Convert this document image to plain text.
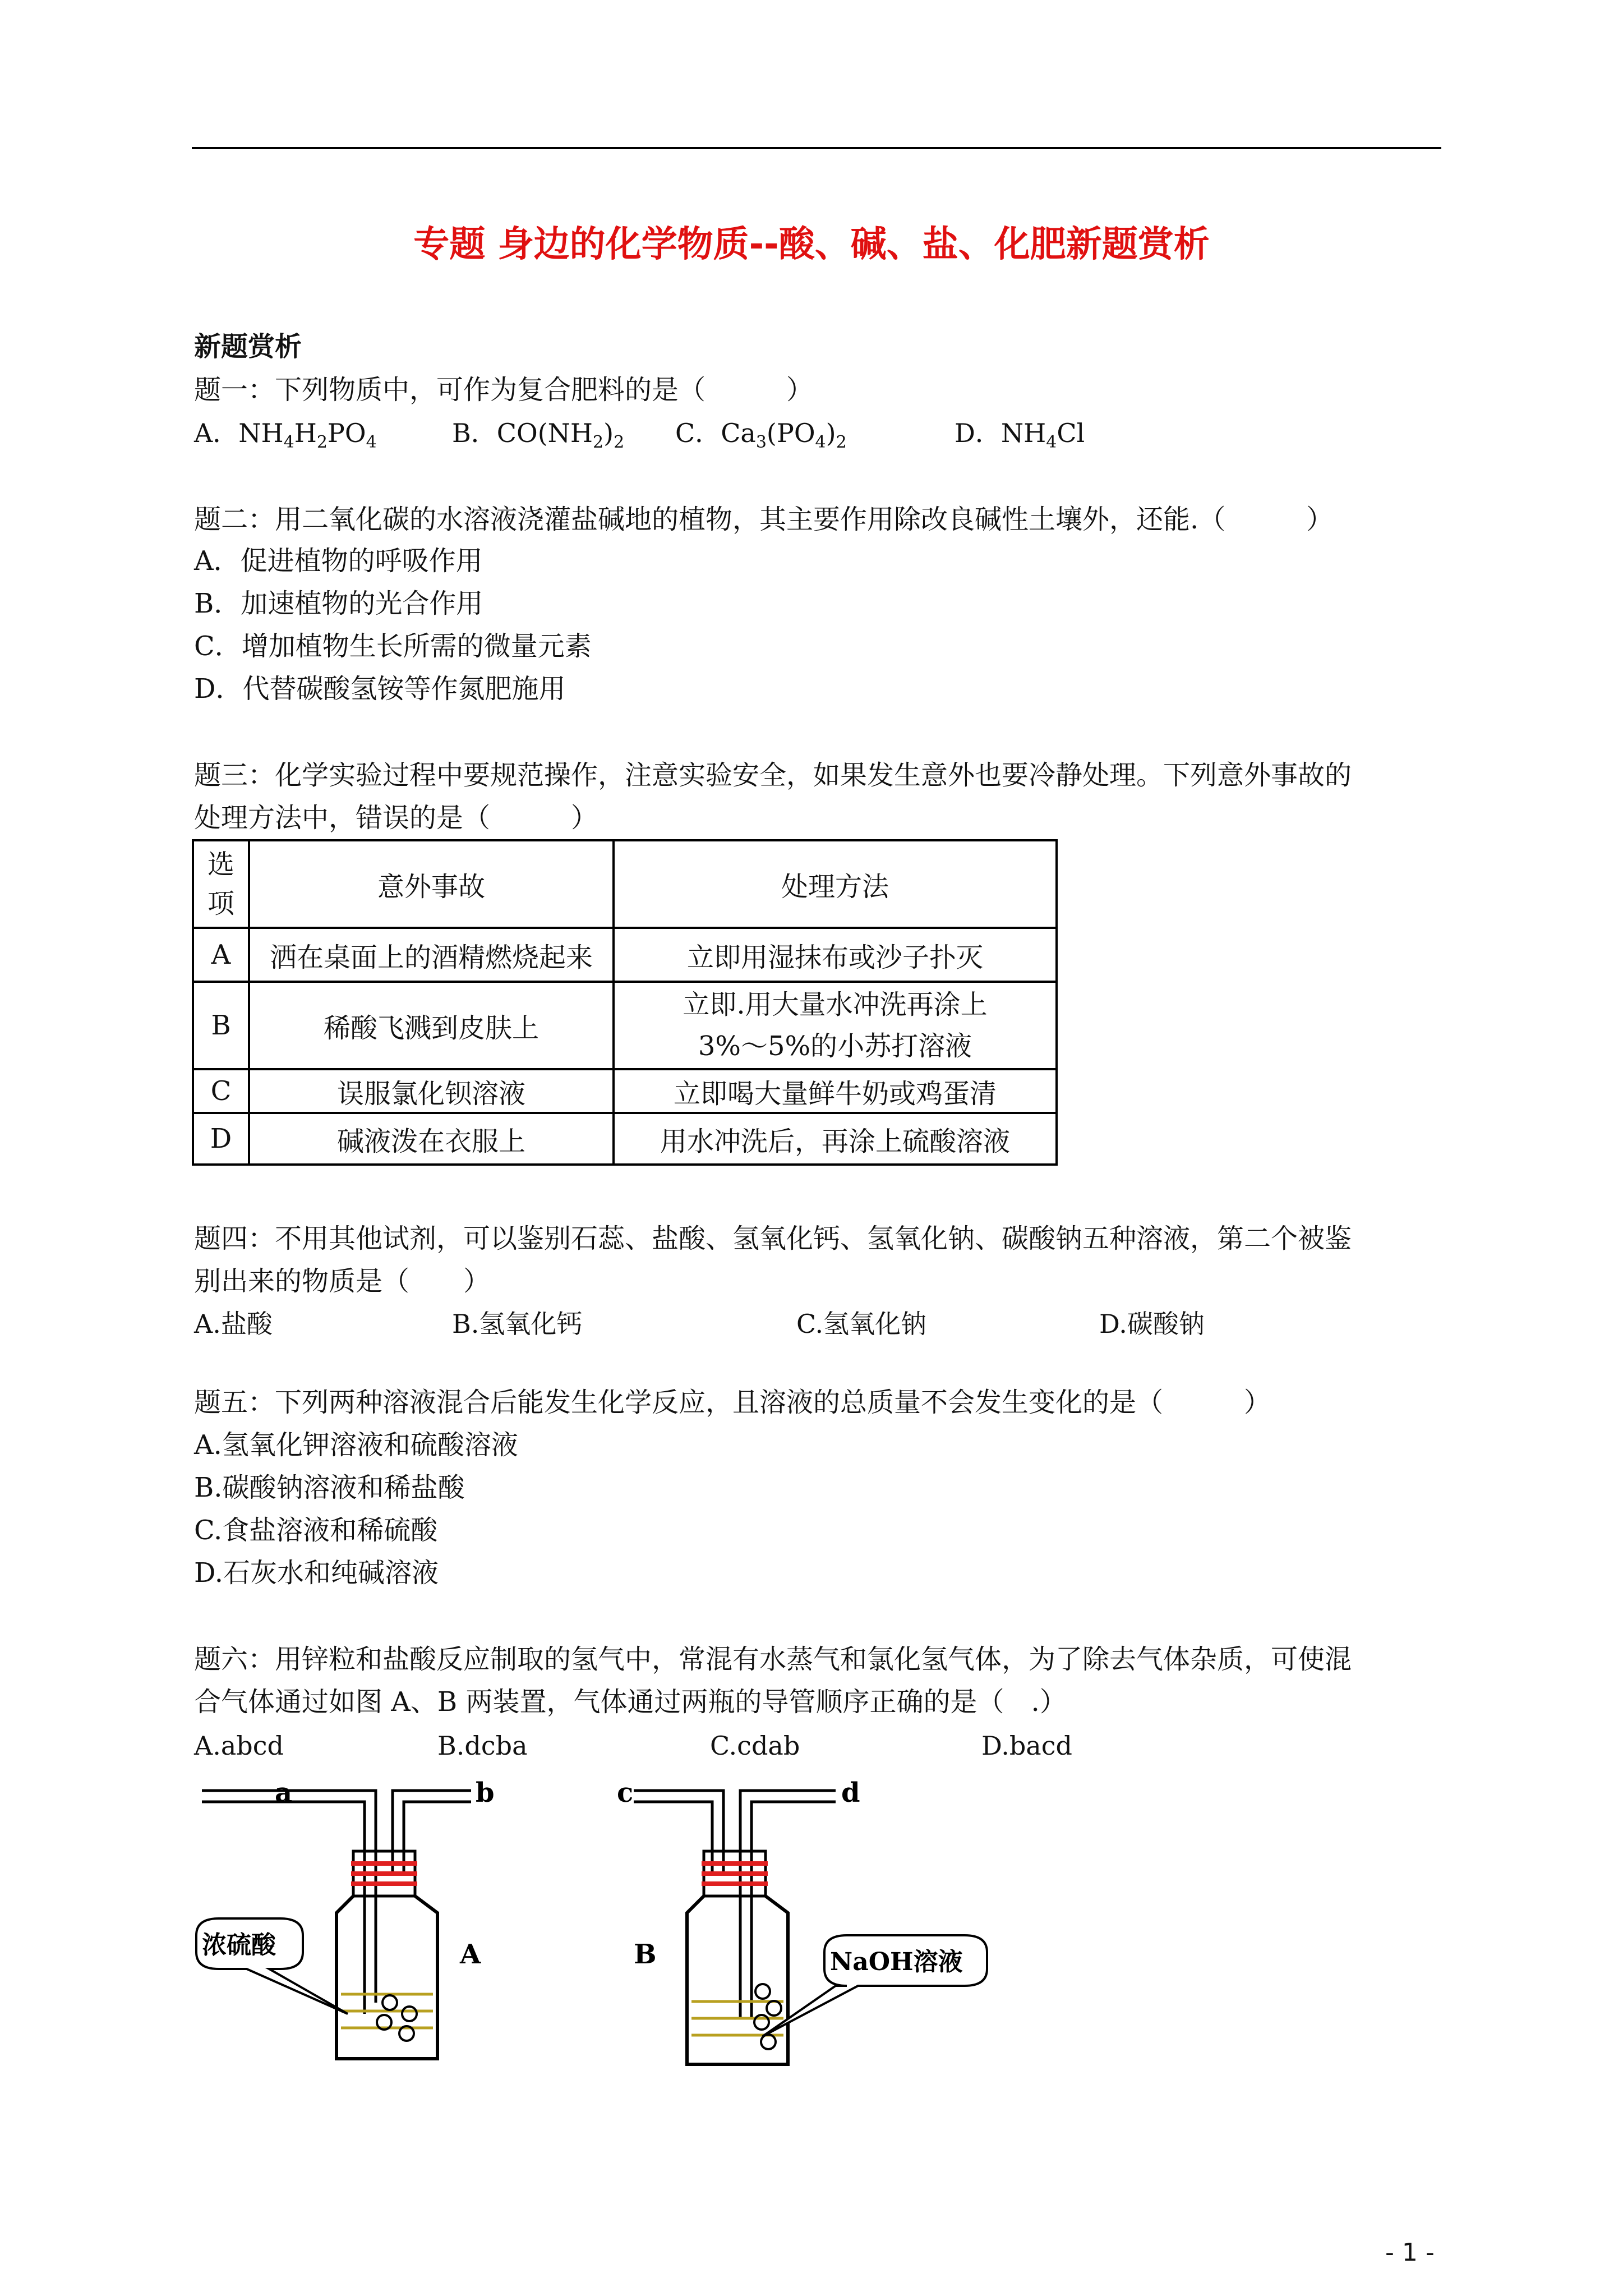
专题 身边的化学物质--酸、碱、盐、化肥新题赏析
新题赏析
题一：下列物质中，可作为复合肥料的是（　　　）
A．$NH_4H_2PO_4$	B．$CO(NH_2)_2$ C．$Ca_3(PO_4)_2$	D．$NH_4Cl$
题二：用二氧化碳的水溶液浇灌盐碱地的植物，其主要作用除改良碱性土壤外，还能.（　　　）
A．促进植物的呼吸作用
B．加速植物的光合作用
C．增加植物生长所需的微量元素
D．代替碳酸氢铵等作氮肥施用
题三：化学实验过程中要规范操作，注意实验安全，如果发生意外也要冷静处理。下列意外事故的
处理方法中，错误的是（　　　）
选项	意外事故	处理方法
A	洒在桌面上的酒精燃烧起来	立即用湿抹布或沙子扑灭
B	稀酸飞溅到皮肤上	立即.用大量水冲洗再涂上
3%～5%的小苏打溶液

C	误服氯化钡溶液	立即喝大量鲜牛奶或鸡蛋清
D	碱液泼在衣服上	用水冲洗后，再涂上硫酸溶液
题四：不用其他试剂，可以鉴别石蕊、盐酸、氢氧化钙、氢氧化钠、碳酸钠五种溶液，第二个被鉴
别出来的物质是（　　）
A.盐酸	B.氢氧化钙	C.氢氧化钠	D.碳酸钠
题五：下列两种溶液混合后能发生化学反应，且溶液的总质量不会发生变化的是（　　　）
A.氢氧化钾溶液和硫酸溶液
B.碳酸钠溶液和稀盐酸
C.食盐溶液和稀硫酸
D.石灰水和纯碱溶液
题六：用锌粒和盐酸反应制取的氢气中，常混有水蒸气和氯化氢气体，为了除去气体杂质，可使混
合气体通过如图 A、B 两装置，气体通过两瓶的导管顺序正确的是（　.）
A.abcd	B.dcba	C.cdab	D.bacd
浓硫酸	A
a	b
NaOH溶液
B
c	d
- 1 -
